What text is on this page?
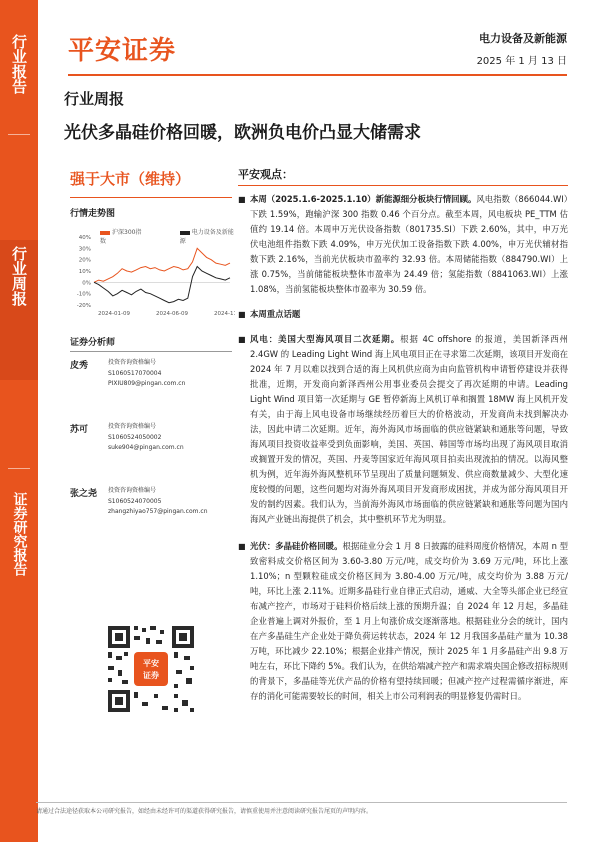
行业报告
行业周报
证券研究报告
平安证券	电力设备及新能源
2025 年 1 月 13 日
行业周报
光伏多晶硅价格回暖，欧洲负电价凸显大储需求
强于大市（维持）
行情走势图
沪深300指数
电力设备及新能源
40%
30%
20%
10%
0%
-10%
-20%
2024-01-09	2024-06-09	2024-1
证券分析师
皮秀	投资咨询资格编号
S1060517070004
PIXIU809@pingan.com.cn
苏可	投资咨询资格编号
S1060524050002
suke904@pingan.com.cn
张之尧 投资咨询资格编号
S1060524070005
zhangzhiyao757@pingan.com.cn
平安
证券
平安观点：
■ 本周（2025.1.6-2025.1.10）新能源细分板块行情回顾。风电指数（866044.WI）下跌 1.59%，跑输沪深 300 指数 0.46 个百分点。截至本周，风电板块 PE_TTM 估值约 19.14 倍。本周申万光伏设备指数（801735.SI）下跌 2.60%，其中，申万光伏电池组件指数下跌 4.09%，申万光伏加工设备指数下跌 4.00%，申万光伏辅材指数下跌 2.16%，当前光伏板块市盈率约 32.93 倍。本周储能指数（884790.WI）上涨 0.75%，当前储能板块整体市盈率为 24.49 倍；氢能指数（8841063.WI）上涨 1.08%，当前氢能板块整体市盈率为 30.59 倍。
■ 本周重点话题
■ 风电：美国大型海风项目二次延期。根据 4C offshore 的报道，美国新泽西州 2.4GW 的 Leading Light Wind 海上风电项目正在寻求第二次延期，该项目开发商在 2024 年 7 月以难以找到合适的海上风机供应商为由向监管机构申请暂停建设并获得批准，近期，开发商向新泽西州公用事业委员会提交了再次延期的申请。Leading Light Wind 项目第一次延期与 GE 暂停新海上风机订单和搁置 18MW 海上风机开发有关，由于海上风电设备市场继续经历着巨大的价格波动，开发商尚未找到解决办法，因此申请二次延期。近年，海外海风市场面临的供应链紧缺和通胀等问题，导致海风项目投资收益率受到负面影响，美国、英国、韩国等市场均出现了海风项目取消或搁置开发的情况，英国、丹麦等国家近年海风项目拍卖出现流拍的情况。以海风整机为例，近年海外海风整机环节呈现出了质量问题频发、供应商数量减少、大型化速度较慢的问题，这些问题均对海外海风项目开发商形成困扰，并成为部分海风项目开发的制约因素。我们认为，当前海外海风市场面临的供应链紧缺和通胀等问题为国内海风产业链出海提供了机会，其中整机环节尤为明显。
■ 光伏：多晶硅价格回暖。根据硅业分会 1 月 8 日披露的硅料周度价格情况，本周 n 型致密料成交价格区间为 3.60-3.80 万元/吨，成交均价为 3.69 万元/吨，环比上涨 1.10%；n 型颗粒硅成交价格区间为 3.80-4.00 万元/吨，成交均价为 3.88 万元/吨，环比上涨 2.11%。近期多晶硅行业自律正式启动，通威、大全等头部企业已经宣布减产控产，市场对于硅料价格后续上涨的预期升温；自 2024 年 12 月起，多晶硅企业普遍上调对外报价，至 1 月上旬涨价成交逐渐落地。根据硅业分会的统计，国内在产多晶硅生产企业处于降负荷运转状态，2024 年 12 月我国多晶硅产量为 10.38 万吨，环比减少 22.10%；根据企业排产情况，预计 2025 年 1 月多晶硅产出 9.8 万吨左右，环比下降约 5%。我们认为，在供给端减产控产和需求端央国企修改招标规则的背景下，多晶硅等光伏产品的价格有望持续回暖；但减产控产过程需循序渐进，库存的消化可能需要较长的时间，相关上市公司利润表的明显修复仍需时日。
请通过合法途径获取本公司研究报告，如经由未经许可的渠道获得研究报告，请慎重使用并注意阅读研究报告尾页的声明内容。
